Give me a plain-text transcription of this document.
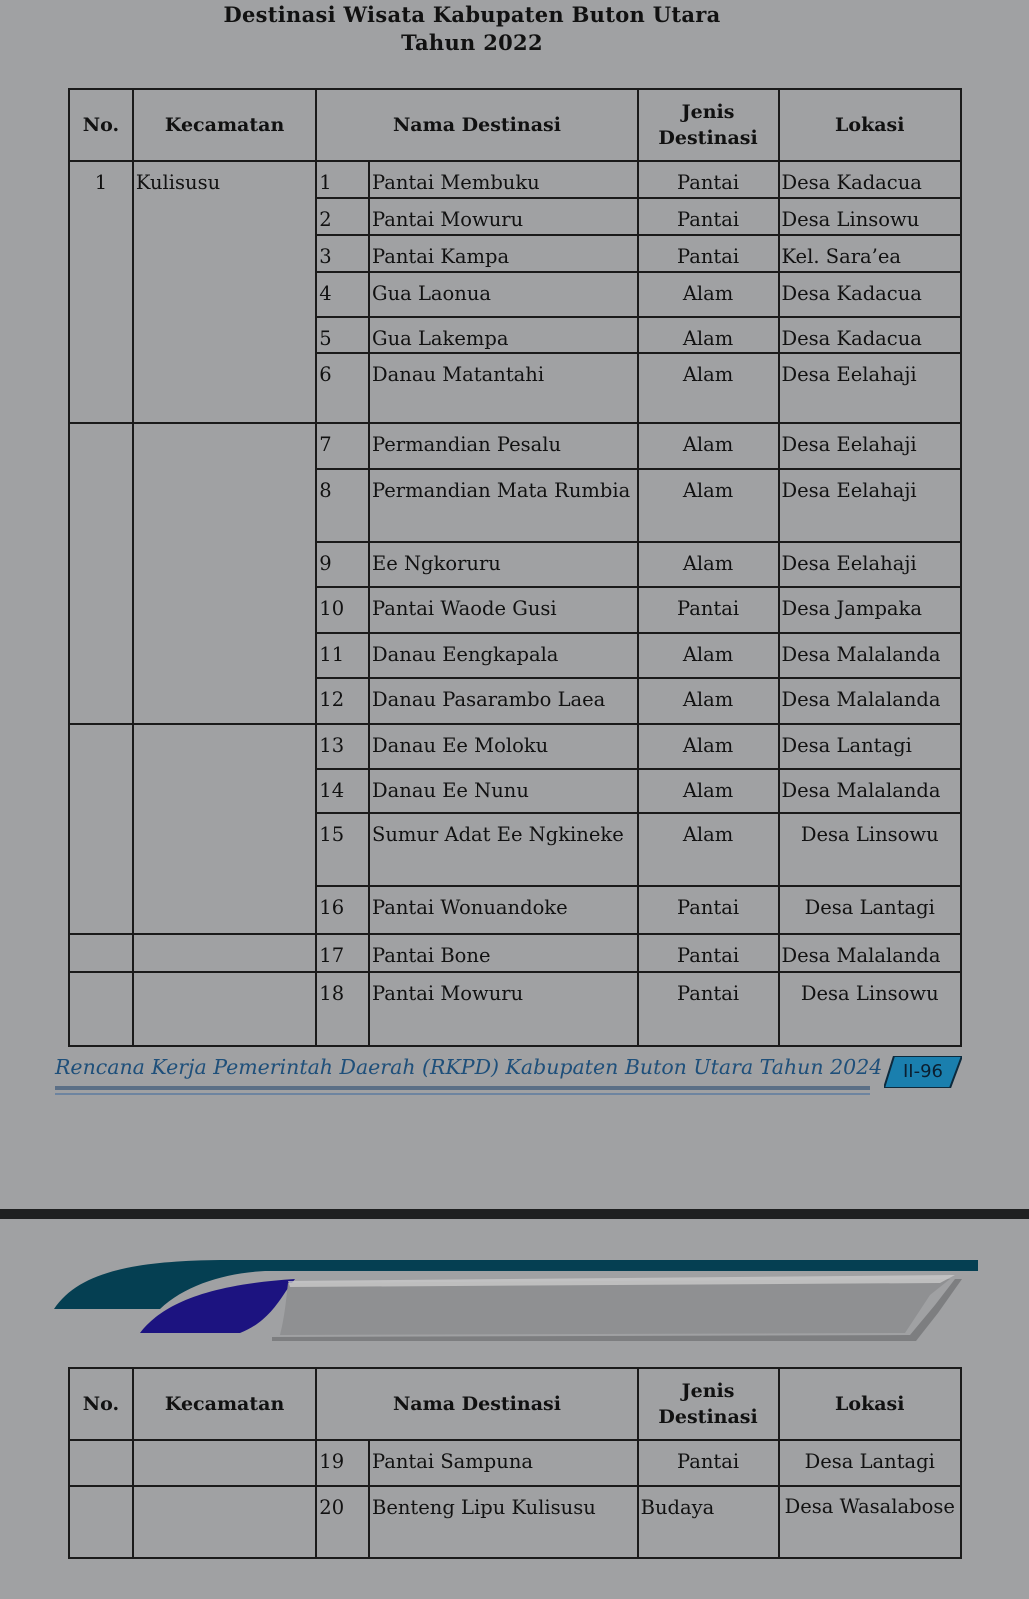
Destinasi Wisata Kabupaten Buton Utara
Tahun 2022
No.	Kecamatan	Nama Destinasi		Jenis Destinasi	Lokasi
1	Kulisusu	1	Pantai Membuku	Pantai	Desa Kadacua
		2	Pantai Mowuru	Pantai	Desa Linsowu
		3	Pantai Kampa	Pantai	Kel. Sara’ea
		4	Gua Laonua	Alam	Desa Kadacua
		5	Gua Lakempa	Alam	Desa Kadacua
		6	Danau Matantahi	Alam	Desa Eelahaji
		7	Permandian Pesalu	Alam	Desa Eelahaji
		8	Permandian Mata Rumbia	Alam	Desa Eelahaji
		9	Ee Ngkoruru	Alam	Desa Eelahaji
		10	Pantai Waode Gusi	Pantai	Desa Jampaka
		11	Danau Eengkapala	Alam	Desa Malalanda
		12	Danau Pasarambo Laea	Alam	Desa Malalanda
		13	Danau Ee Moloku	Alam	Desa Lantagi
		14	Danau Ee Nunu	Alam	Desa Malalanda
		15	Sumur Adat Ee Ngkineke	Alam	Desa Linsowu
		16	Pantai Wonuandoke	Pantai	Desa Lantagi
		17	Pantai Bone	Pantai	Desa Malalanda
		18	Pantai Mowuru	Pantai	Desa Linsowu
Rencana Kerja Pemerintah Daerah (RKPD) Kabupaten Buton Utara Tahun 2024	II-96
No.	Kecamatan	Nama Destinasi		Jenis Destinasi	Lokasi
		19	Pantai Sampuna	Pantai	Desa Lantagi
		20	Benteng Lipu Kulisusu	Budaya	Desa Wasalabose
